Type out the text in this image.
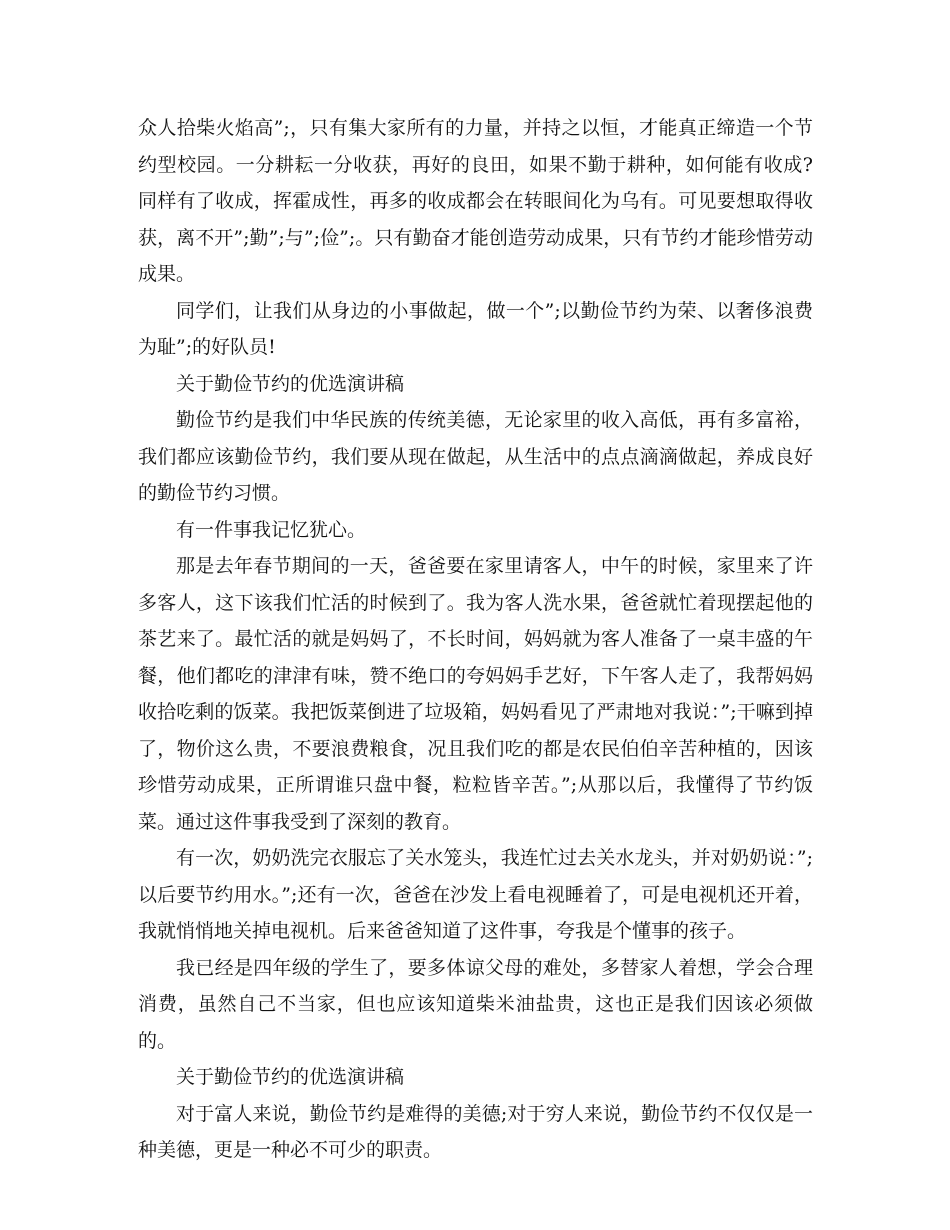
众人拾柴火焰高”;，只有集大家所有的力量，并持之以恒，才能真正缔造一个节约型校园。一分耕耘一分收获，再好的良田，如果不勤于耕种，如何能有收成?同样有了收成，挥霍成性，再多的收成都会在转眼间化为乌有。可见要想取得收获，离不开”;勤”;与”;俭”;。只有勤奋才能创造劳动成果，只有节约才能珍惜劳动成果。

同学们，让我们从身边的小事做起，做一个”;以勤俭节约为荣、以奢侈浪费为耻”;的好队员!

关于勤俭节约的优选演讲稿

勤俭节约是我们中华民族的传统美德，无论家里的收入高低，再有多富裕，我们都应该勤俭节约，我们要从现在做起，从生活中的点点滴滴做起，养成良好的勤俭节约习惯。

有一件事我记忆犹心。

那是去年春节期间的一天，爸爸要在家里请客人，中午的时候，家里来了许多客人，这下该我们忙活的时候到了。我为客人洗水果，爸爸就忙着现摆起他的茶艺来了。最忙活的就是妈妈了，不长时间，妈妈就为客人准备了一桌丰盛的午餐，他们都吃的津津有味，赞不绝口的夸妈妈手艺好，下午客人走了，我帮妈妈收拾吃剩的饭菜。我把饭菜倒进了垃圾箱，妈妈看见了严肃地对我说：”;干嘛到掉了，物价这么贵，不要浪费粮食，况且我们吃的都是农民伯伯辛苦种植的，因该珍惜劳动成果，正所谓谁只盘中餐，粒粒皆辛苦。”;从那以后，我懂得了节约饭菜。通过这件事我受到了深刻的教育。

有一次，奶奶洗完衣服忘了关水笼头，我连忙过去关水龙头，并对奶奶说：”;以后要节约用水。”;还有一次，爸爸在沙发上看电视睡着了，可是电视机还开着，我就悄悄地关掉电视机。后来爸爸知道了这件事，夸我是个懂事的孩子。

我已经是四年级的学生了，要多体谅父母的难处，多替家人着想，学会合理消费，虽然自己不当家，但也应该知道柴米油盐贵，这也正是我们因该必须做的。

关于勤俭节约的优选演讲稿

对于富人来说，勤俭节约是难得的美德;对于穷人来说，勤俭节约不仅仅是一种美德，更是一种必不可少的职责。
